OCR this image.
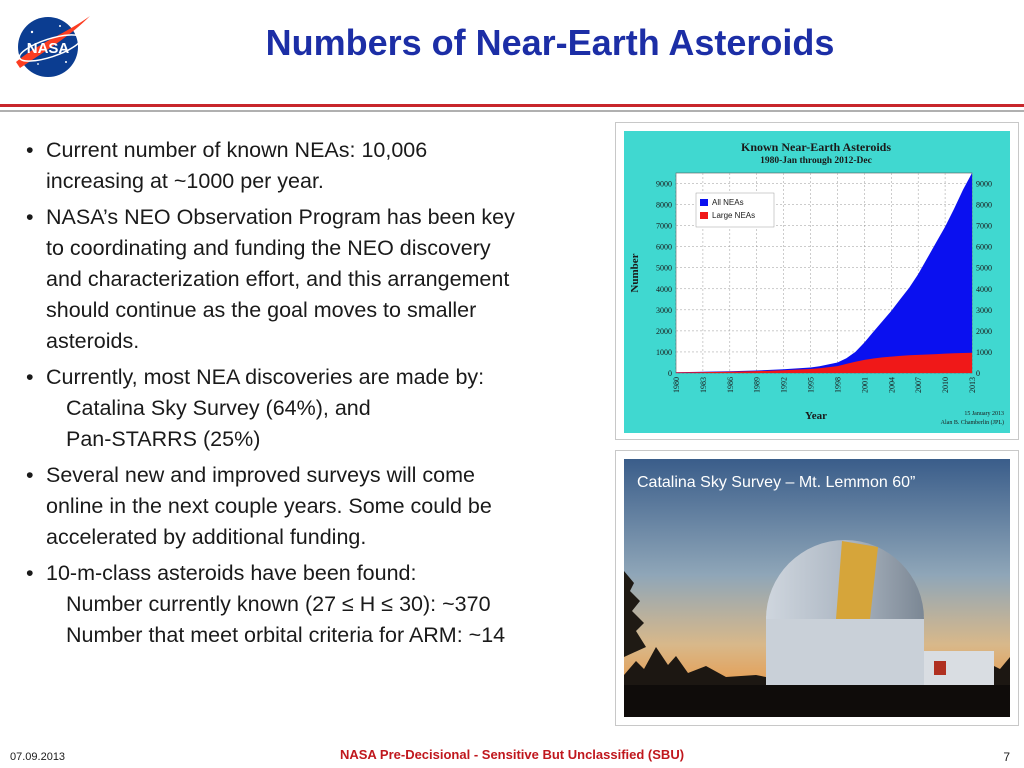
NASA	Numbers of Near-Earth Asteroids
• Current number of known NEAs: 10,006
increasing at ~1000 per year.
• NASA’s NEO Observation Program has been key
to coordinating and funding the NEO discovery
and characterization effort, and this arrangement
should continue as the goal moves to smaller
asteroids.
• Currently, most NEA discoveries are made by:
Catalina Sky Survey (64%), and
Pan-STARRS (25%)
• Several new and improved surveys will come
online in the next couple years. Some could be
accelerated by additional funding.
• 10-m-class asteroids have been found:
Number currently known (27 ≤ H ≤ 30): ~370
Number that meet orbital criteria for ARM: ~14
Known Near-Earth Asteroids
1980-Jan through 2012-Dec
0
1000
2000
3000
4000
5000
6000
7000
8000
9000
0
1000
2000
3000
4000
5000
6000
7000
8000
9000
1980 1983 1986 1989 1992 1995 1998 2001 2004 2007 2010 2013
All NEAs
Large NEAs
Number
Year	15 January 2013
Alan B. Chamberlin (JPL)
Catalina Sky Survey – Mt. Lemmon 60”
07.09.2013	NASA Pre-Decisional - Sensitive But Unclassified (SBU)	7
